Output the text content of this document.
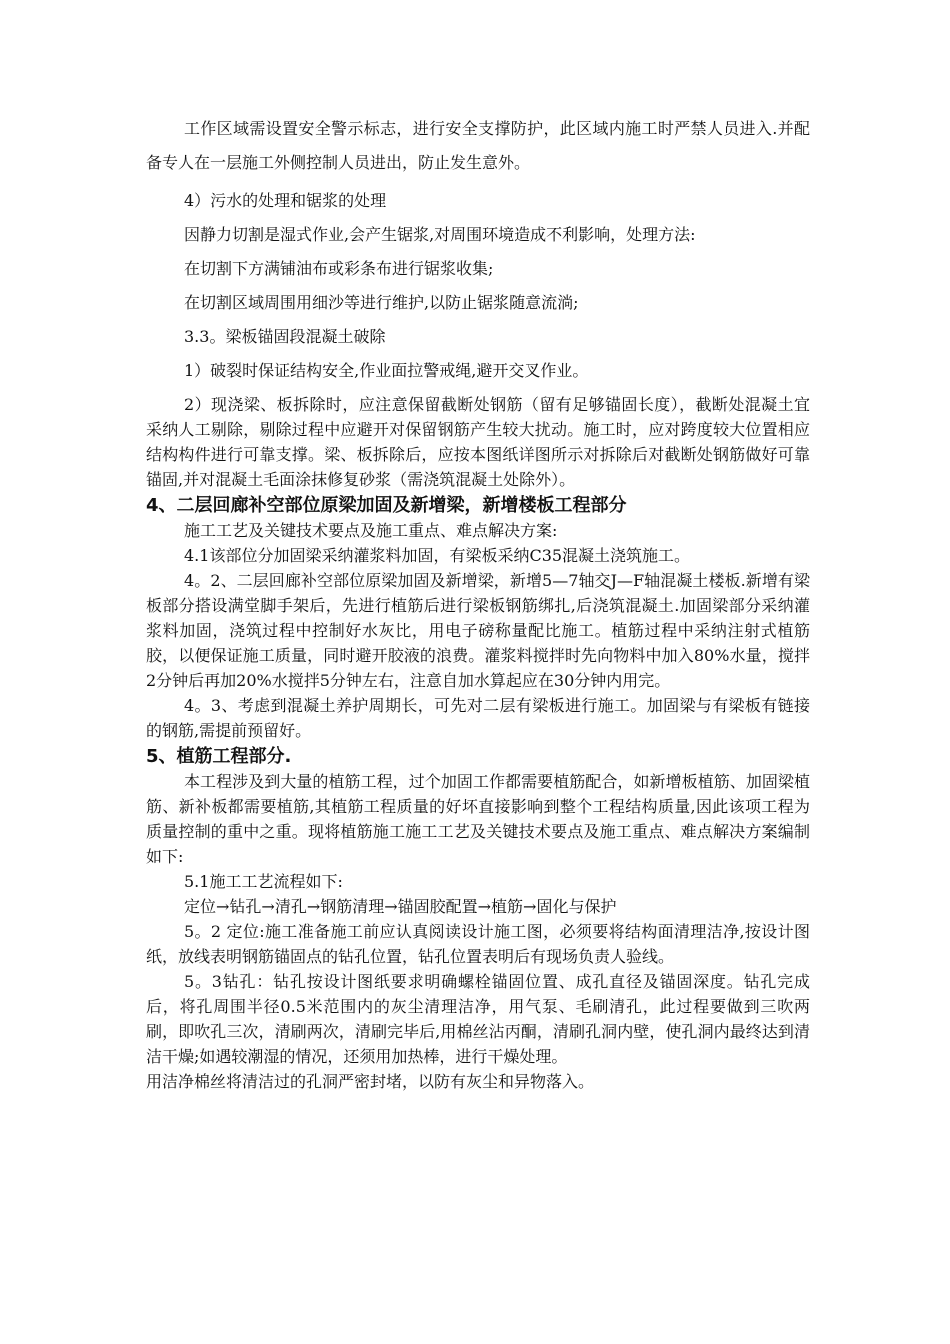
工作区域需设置安全警示标志，进行安全支撑防护，此区域内施工时严禁人员进入.并配备专人在一层施工外侧控制人员进出，防止发生意外。

4）污水的处理和锯浆的处理

因静力切割是湿式作业,会产生锯浆,对周围环境造成不利影响，处理方法:

在切割下方满铺油布或彩条布进行锯浆收集;

在切割区域周围用细沙等进行维护,以防止锯浆随意流淌;

3.3。梁板锚固段混凝土破除

1）破裂时保证结构安全,作业面拉警戒绳,避开交叉作业。

2）现浇梁、板拆除时，应注意保留截断处钢筋（留有足够锚固长度），截断处混凝土宜采纳人工剔除，剔除过程中应避开对保留钢筋产生较大扰动。施工时，应对跨度较大位置相应结构构件进行可靠支撑。梁、板拆除后，应按本图纸详图所示对拆除后对截断处钢筋做好可靠锚固,并对混凝土毛面涂抹修复砂浆（需浇筑混凝土处除外）。

4、二层回廊补空部位原梁加固及新增梁，新增楼板工程部分

施工工艺及关键技术要点及施工重点、难点解决方案:

4.1该部位分加固梁采纳灌浆料加固，有梁板采纳C35混凝土浇筑施工。

4。2、二层回廊补空部位原梁加固及新增梁，新增5—7轴交J—F轴混凝土楼板.新增有梁板部分搭设满堂脚手架后，先进行植筋后进行梁板钢筋绑扎,后浇筑混凝土.加固梁部分采纳灌浆料加固，浇筑过程中控制好水灰比，用电子磅称量配比施工。植筋过程中采纳注射式植筋胶，以便保证施工质量，同时避开胶液的浪费。灌浆料搅拌时先向物料中加入80%水量，搅拌2分钟后再加20%水搅拌5分钟左右，注意自加水算起应在30分钟内用完。

4。3、考虑到混凝土养护周期长，可先对二层有梁板进行施工。加固梁与有梁板有链接的钢筋,需提前预留好。

5、植筋工程部分.

本工程涉及到大量的植筋工程，过个加固工作都需要植筋配合，如新增板植筋、加固梁植筋、新补板都需要植筋,其植筋工程质量的好坏直接影响到整个工程结构质量,因此该项工程为质量控制的重中之重。现将植筋施工施工工艺及关键技术要点及施工重点、难点解决方案编制如下:

5.1施工工艺流程如下:

定位→钻孔→清孔→钢筋清理→锚固胶配置→植筋→固化与保护

5。2 定位:施工准备施工前应认真阅读设计施工图，必须要将结构面清理洁净,按设计图纸，放线表明钢筋锚固点的钻孔位置，钻孔位置表明后有现场负责人验线。

5。3钻孔：钻孔按设计图纸要求明确螺栓锚固位置、成孔直径及锚固深度。钻孔完成后，将孔周围半径0.5米范围内的灰尘清理洁净，用气泵、毛刷清孔，此过程要做到三吹两刷，即吹孔三次，清刷两次，清刷完毕后,用棉丝沾丙酮，清刷孔洞内壁，使孔洞内最终达到清洁干燥;如遇较潮湿的情况，还须用加热棒，进行干燥处理。

用洁净棉丝将清洁过的孔洞严密封堵，以防有灰尘和异物落入。
